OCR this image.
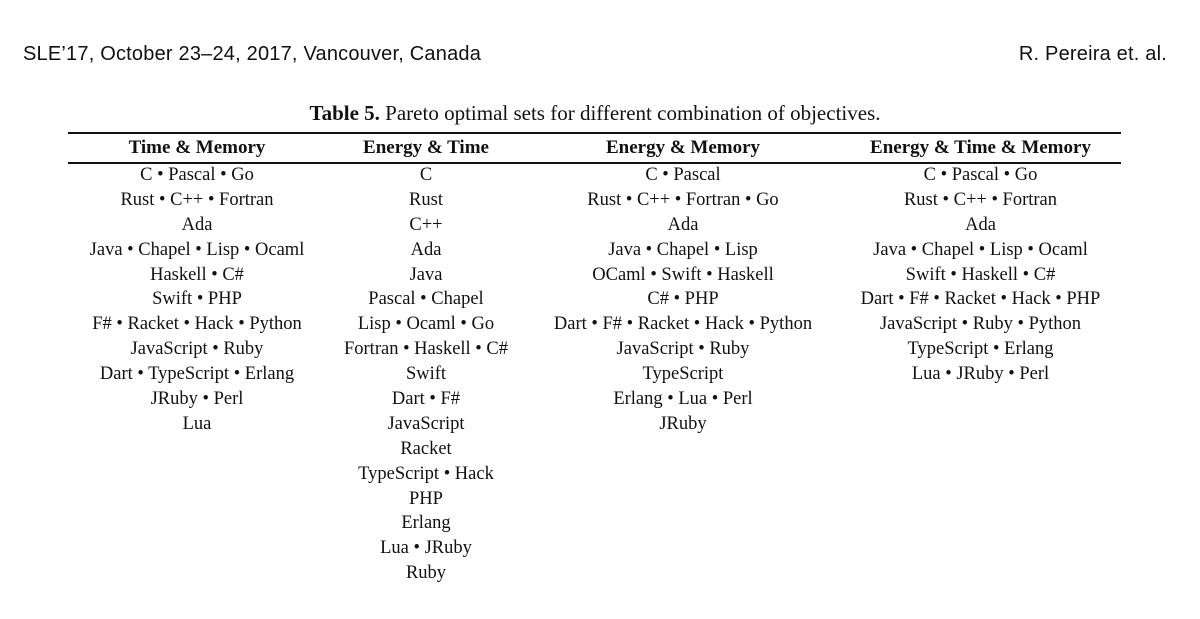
SLE’17, October 23–24, 2017, Vancouver, Canada	R. Pereira et. al.
Table 5. Pareto optimal sets for different combination of objectives.
Time & Memory
C • Pascal • Go
Rust • C++ • Fortran
Ada
Java • Chapel • Lisp • Ocaml
Haskell • C#
Swift • PHP
F# • Racket • Hack • Python
JavaScript • Ruby
Dart • TypeScript • Erlang
JRuby • Perl
Lua
Energy & Time
C
Rust
C++
Ada
Java
Pascal • Chapel
Lisp • Ocaml • Go
Fortran • Haskell • C#
Swift
Dart • F#
JavaScript
Racket
TypeScript • Hack
PHP
Erlang
Lua • JRuby
Ruby
Energy & Memory
C • Pascal
Rust • C++ • Fortran • Go
Ada
Java • Chapel • Lisp
OCaml • Swift • Haskell
C# • PHP
Dart • F# • Racket • Hack • Python
JavaScript • Ruby
TypeScript
Erlang • Lua • Perl
JRuby
Energy & Time & Memory
C • Pascal • Go
Rust • C++ • Fortran
Ada
Java • Chapel • Lisp • Ocaml
Swift • Haskell • C#
Dart • F# • Racket • Hack • PHP
JavaScript • Ruby • Python
TypeScript • Erlang
Lua • JRuby • Perl
